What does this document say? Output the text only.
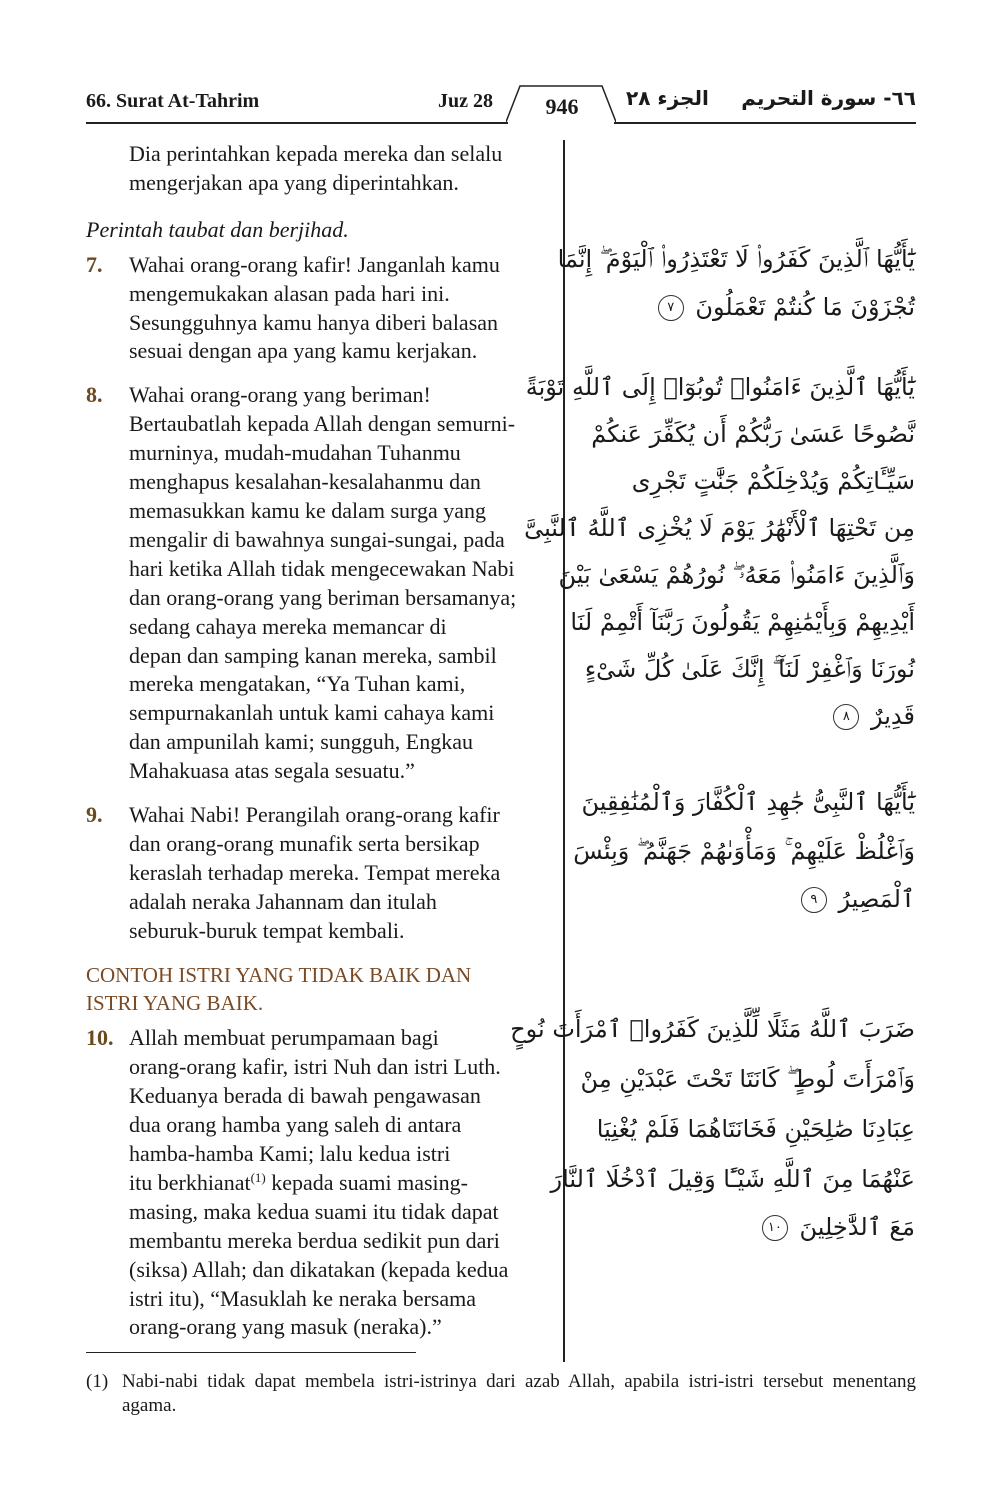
66. Surat At-Tahrim	Juz 28	946	الجزء ٢٨ ٦٦- سورة التحريم
Dia perintahkan kepada mereka dan selalu
mengerjakan apa yang diperintahkan.

Perintah taubat dan berjihad.

7. Wahai orang-orang kafir! Janganlah kamu
mengemukakan alasan pada hari ini.
Sesungguhnya kamu hanya diberi balasan
sesuai dengan apa yang kamu kerjakan.
8. Wahai orang-orang yang beriman!
Bertaubatlah kepada Allah dengan semurni-
murninya, mudah-mudahan Tuhanmu
menghapus kesalahan-kesalahanmu dan
memasukkan kamu ke dalam surga yang
mengalir di bawahnya sungai-sungai, pada
hari ketika Allah tidak mengecewakan Nabi
dan orang-orang yang beriman bersamanya;
sedang cahaya mereka memancar di
depan dan samping kanan mereka, sambil
mereka mengatakan, “Ya Tuhan kami,
sempurnakanlah untuk kami cahaya kami
dan ampunilah kami; sungguh, Engkau
Mahakuasa atas segala sesuatu.”
9. Wahai Nabi! Perangilah orang-orang kafir
dan orang-orang munafik serta bersikap
keraslah terhadap mereka. Tempat mereka
adalah neraka Jahannam dan itulah
seburuk-buruk tempat kembali.
CONTOH ISTRI YANG TIDAK BAIK DAN
ISTRI YANG BAIK.
10. Allah membuat perumpamaan bagi
orang-orang kafir, istri Nuh dan istri Luth.
Keduanya berada di bawah pengawasan
dua orang hamba yang saleh di antara
hamba-hamba Kami; lalu kedua istri
itu berkhianat$^{(1)}$ kepada suami masing-
masing, maka kedua suami itu tidak dapat
membantu mereka berdua sedikit pun dari
(siksa) Allah; dan dikatakan (kepada kedua
istri itu), “Masuklah ke neraka bersama
orang-orang yang masuk (neraka).”
يَٰٓأَيُّهَا ٱلَّذِينَ كَفَرُوا۟ لَا تَعْتَذِرُوا۟ ٱلْيَوْمَ ۖ إِنَّمَا
تُجْزَوْنَ مَا كُنتُمْ تَعْمَلُونَ ٧
يَٰٓأَيُّهَا ٱلَّذِينَ ءَامَنُوا۟ تُوبُوٓا۟ إِلَى ٱللَّهِ تَوْبَةً
نَّصُوحًا عَسَىٰ رَبُّكُمْ أَن يُكَفِّرَ عَنكُمْ
سَيِّـَٔاتِكُمْ وَيُدْخِلَكُمْ جَنَّٰتٍ تَجْرِى
مِن تَحْتِهَا ٱلْأَنْهَٰرُ يَوْمَ لَا يُخْزِى ٱللَّهُ ٱلنَّبِىَّ
وَٱلَّذِينَ ءَامَنُوا۟ مَعَهُۥ ۖ نُورُهُمْ يَسْعَىٰ بَيْنَ
أَيْدِيهِمْ وَبِأَيْمَٰنِهِمْ يَقُولُونَ رَبَّنَآ أَتْمِمْ لَنَا
نُورَنَا وَٱغْفِرْ لَنَآ ۖ إِنَّكَ عَلَىٰ كُلِّ شَىْءٍ
قَدِيرٌ ٨
يَٰٓأَيُّهَا ٱلنَّبِىُّ جَٰهِدِ ٱلْكُفَّارَ وَٱلْمُنَٰفِقِينَ
وَٱغْلُظْ عَلَيْهِمْ ۚ وَمَأْوَىٰهُمْ جَهَنَّمُ ۖ وَبِئْسَ
ٱلْمَصِيرُ ٩
ضَرَبَ ٱللَّهُ مَثَلًا لِّلَّذِينَ كَفَرُوا۟ ٱمْرَأَتَ نُوحٍ
وَٱمْرَأَتَ لُوطٍ ۖ كَانَتَا تَحْتَ عَبْدَيْنِ مِنْ
عِبَادِنَا صَٰلِحَيْنِ فَخَانَتَاهُمَا فَلَمْ يُغْنِيَا
عَنْهُمَا مِنَ ٱللَّهِ شَيْـًٔا وَقِيلَ ٱدْخُلَا ٱلنَّارَ
مَعَ ٱلدَّٰخِلِينَ ١٠
(1) Nabi-nabi tidak dapat membela istri-istrinya dari azab Allah, apabila istri-istri tersebut menentang agama.
